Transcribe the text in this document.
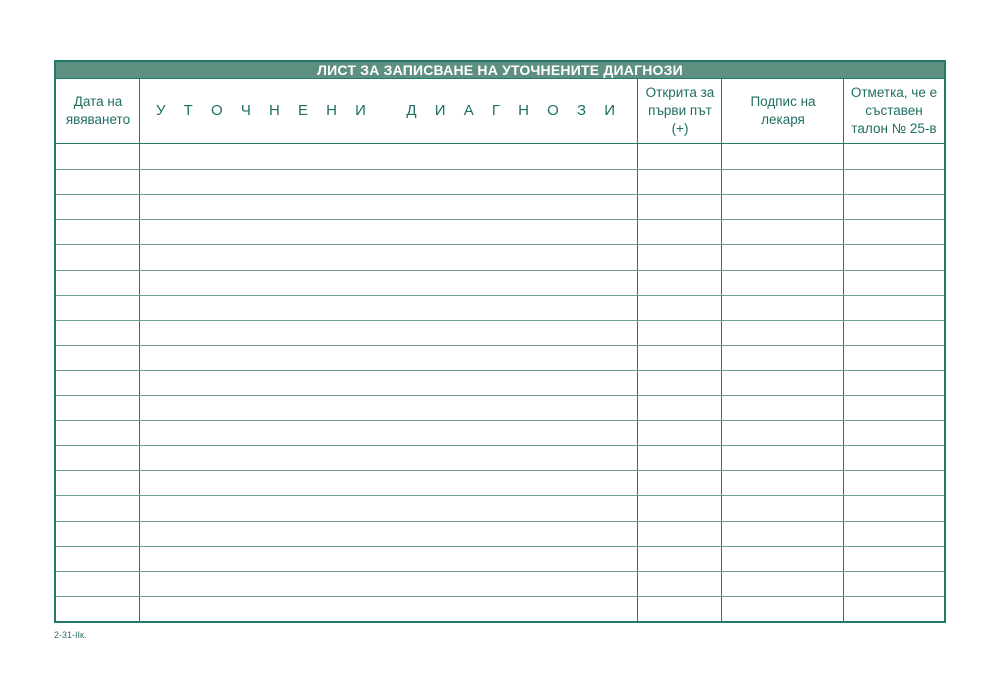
ЛИСТ ЗА ЗАПИСВАНЕ НА УТОЧНЕНИТЕ ДИАГНОЗИ
Дата на явяването
У Т О Ч Н Е Н И   Д И А Г Н О З И
Открита за първи път (+)
Подпис на лекаря
Отметка, че е съставен талон № 25-в
2-31-IIк.
